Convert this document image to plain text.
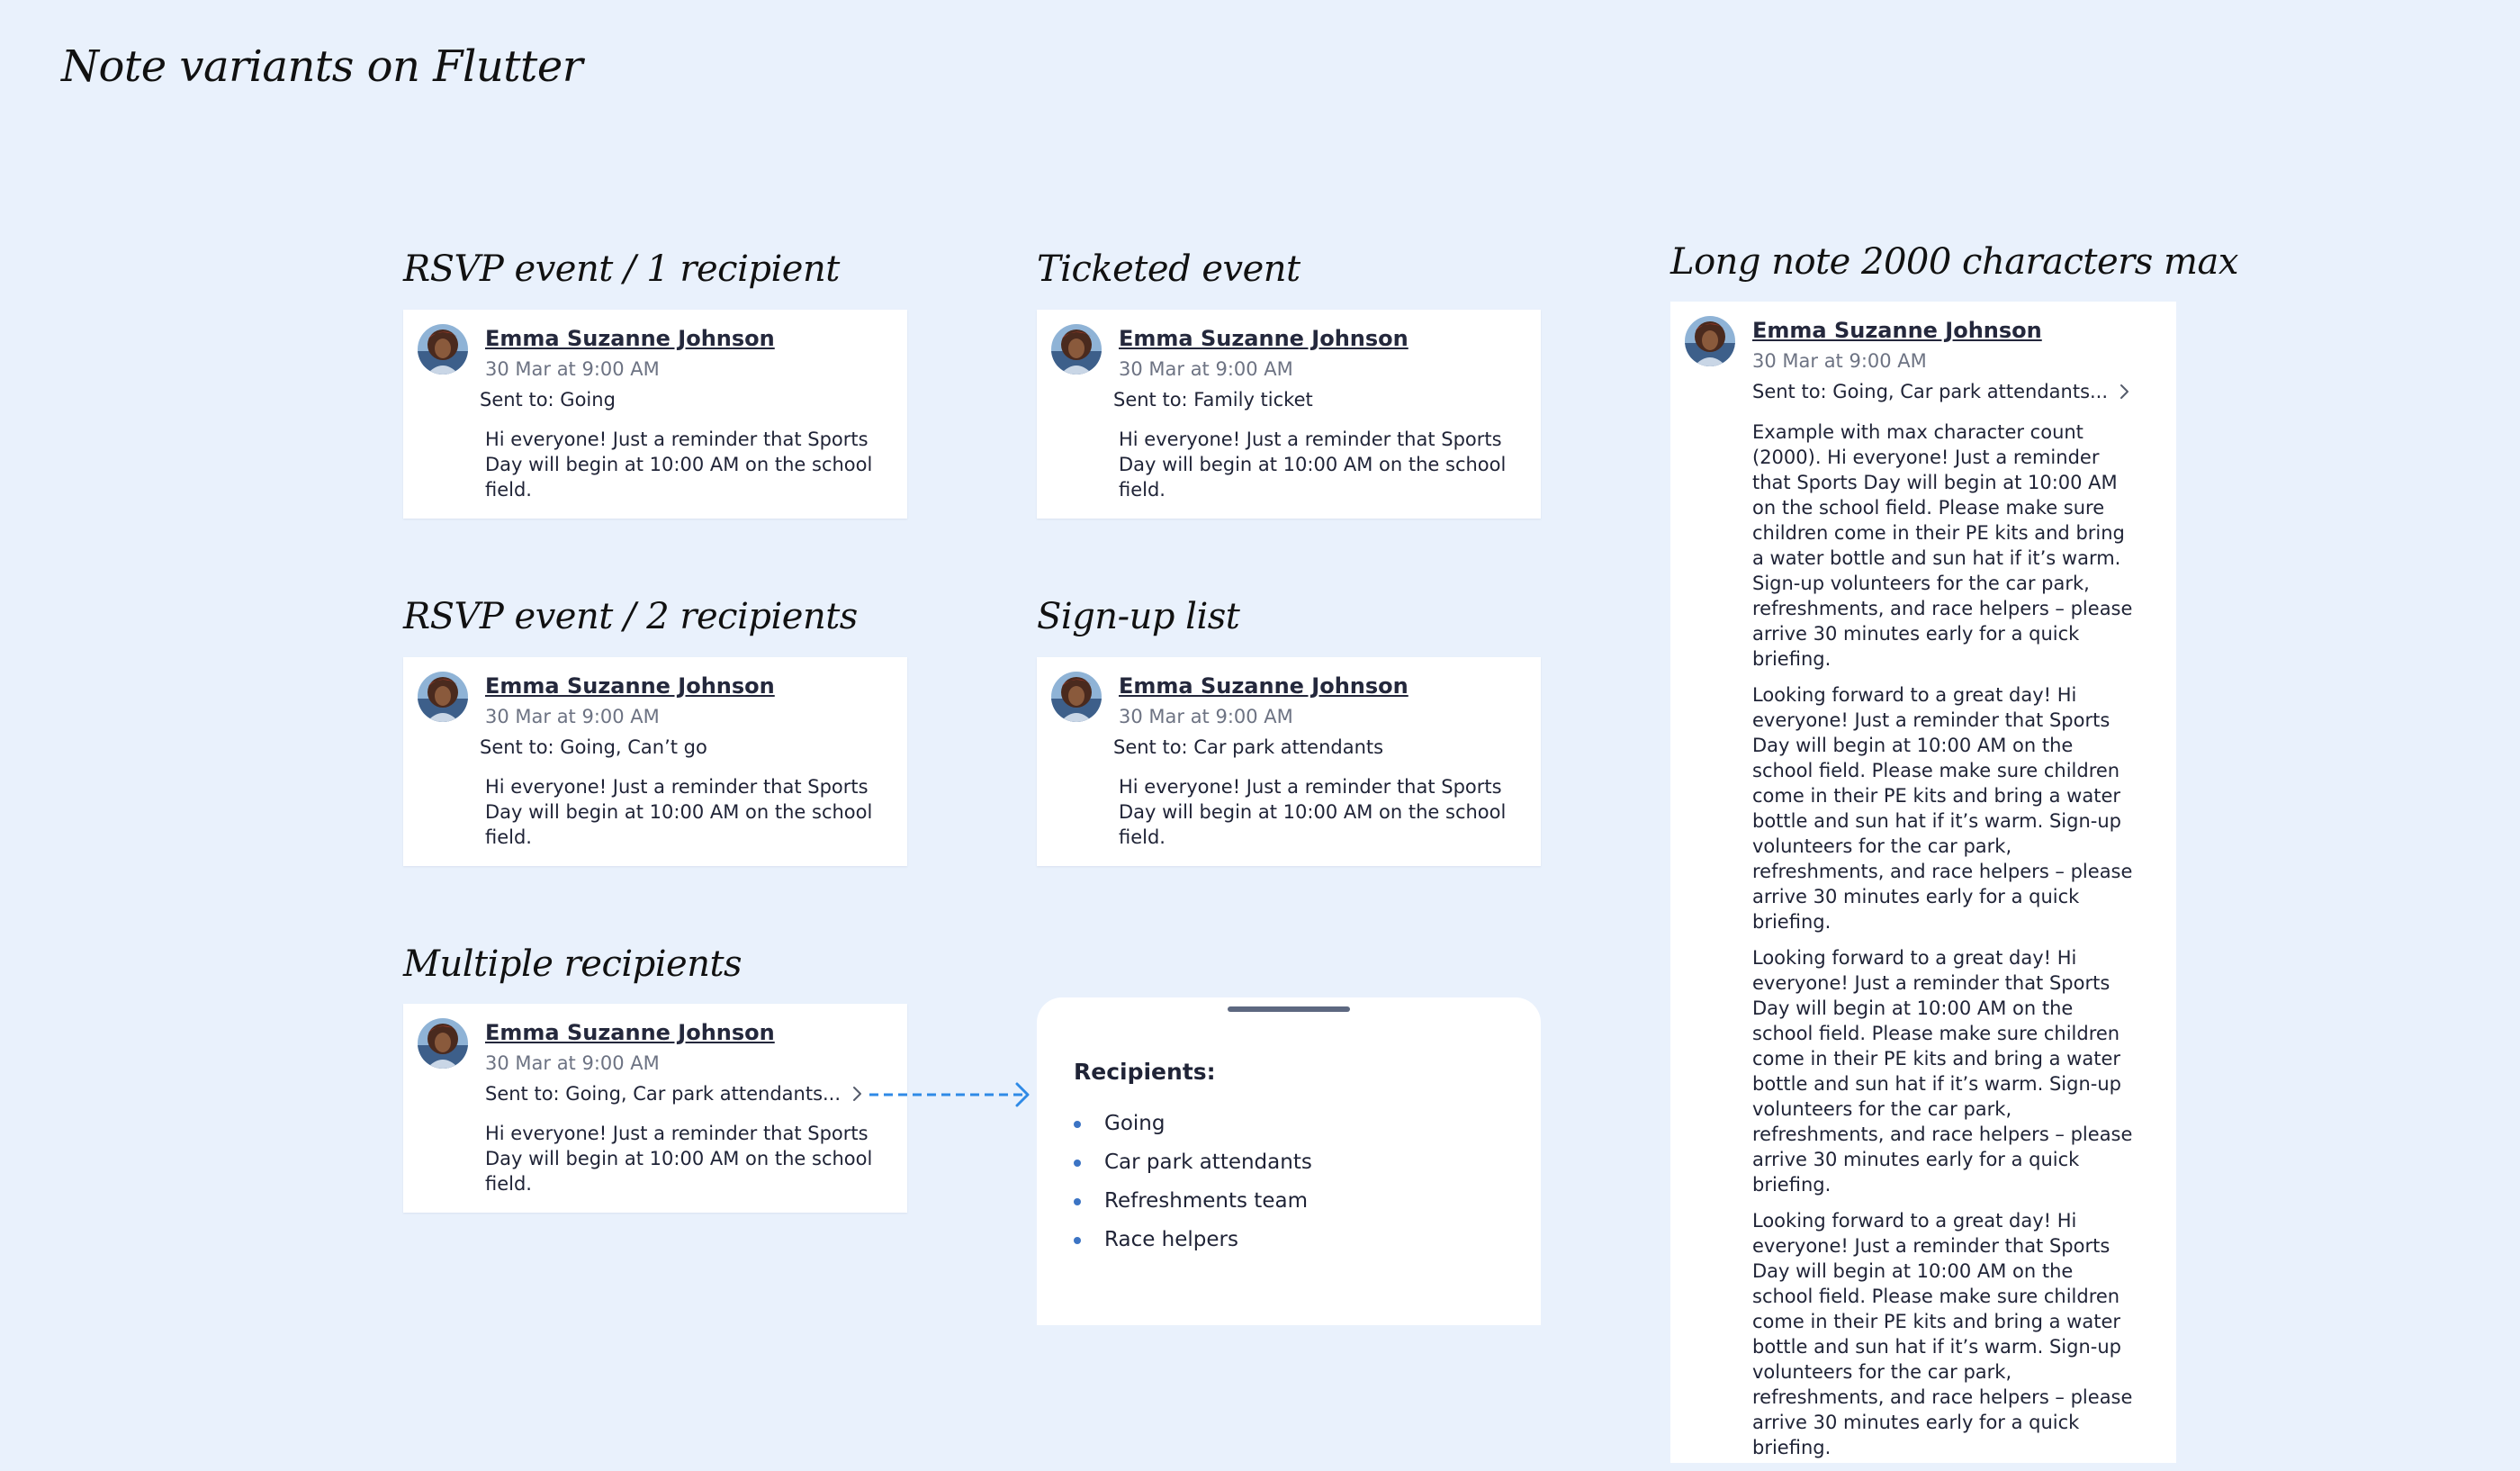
Note variants on Flutter
RSVP event / 1 recipient
Emma Suzanne Johnson
30 Mar at 9:00 AM
Sent to: Going
Hi everyone! Just a reminder that Sports Day will begin at 10:00 AM on the school field.
Ticketed event
Emma Suzanne Johnson
30 Mar at 9:00 AM
Sent to: Family ticket
Hi everyone! Just a reminder that Sports Day will begin at 10:00 AM on the school field.
RSVP event / 2 recipients
Emma Suzanne Johnson
30 Mar at 9:00 AM
Sent to: Going, Can’t go
Hi everyone! Just a reminder that Sports Day will begin at 10:00 AM on the school field.
Sign-up list
Emma Suzanne Johnson
30 Mar at 9:00 AM
Sent to: Car park attendants
Hi everyone! Just a reminder that Sports Day will begin at 10:00 AM on the school field.
Multiple recipients
Emma Suzanne Johnson
30 Mar at 9:00 AM
Sent to: Going, Car park attendants...
Hi everyone! Just a reminder that Sports Day will begin at 10:00 AM on the school field.
Recipients:
Going
Car park attendants
Refreshments team
Race helpers
Long note 2000 characters max
Emma Suzanne Johnson
30 Mar at 9:00 AM
Sent to: Going, Car park attendants...

Example with max character count (2000). Hi everyone! Just a reminder that Sports Day will begin at 10:00 AM on the school field. Please make sure children come in their PE kits and bring a water bottle and sun hat if it’s warm. Sign-up volunteers for the car park, refreshments, and race helpers – please arrive 30 minutes early for a quick briefing.

Looking forward to a great day! Hi everyone! Just a reminder that Sports Day will begin at 10:00 AM on the school field. Please make sure children come in their PE kits and bring a water bottle and sun hat if it’s warm. Sign-up volunteers for the car park, refreshments, and race helpers – please arrive 30 minutes early for a quick briefing.

Looking forward to a great day! Hi everyone! Just a reminder that Sports Day will begin at 10:00 AM on the school field. Please make sure children come in their PE kits and bring a water bottle and sun hat if it’s warm. Sign-up volunteers for the car park, refreshments, and race helpers – please arrive 30 minutes early for a quick briefing.

Looking forward to a great day! Hi everyone! Just a reminder that Sports Day will begin at 10:00 AM on the school field. Please make sure children come in their PE kits and bring a water bottle and sun hat if it’s warm. Sign-up volunteers for the car park, refreshments, and race helpers – please arrive 30 minutes early for a quick briefing.
